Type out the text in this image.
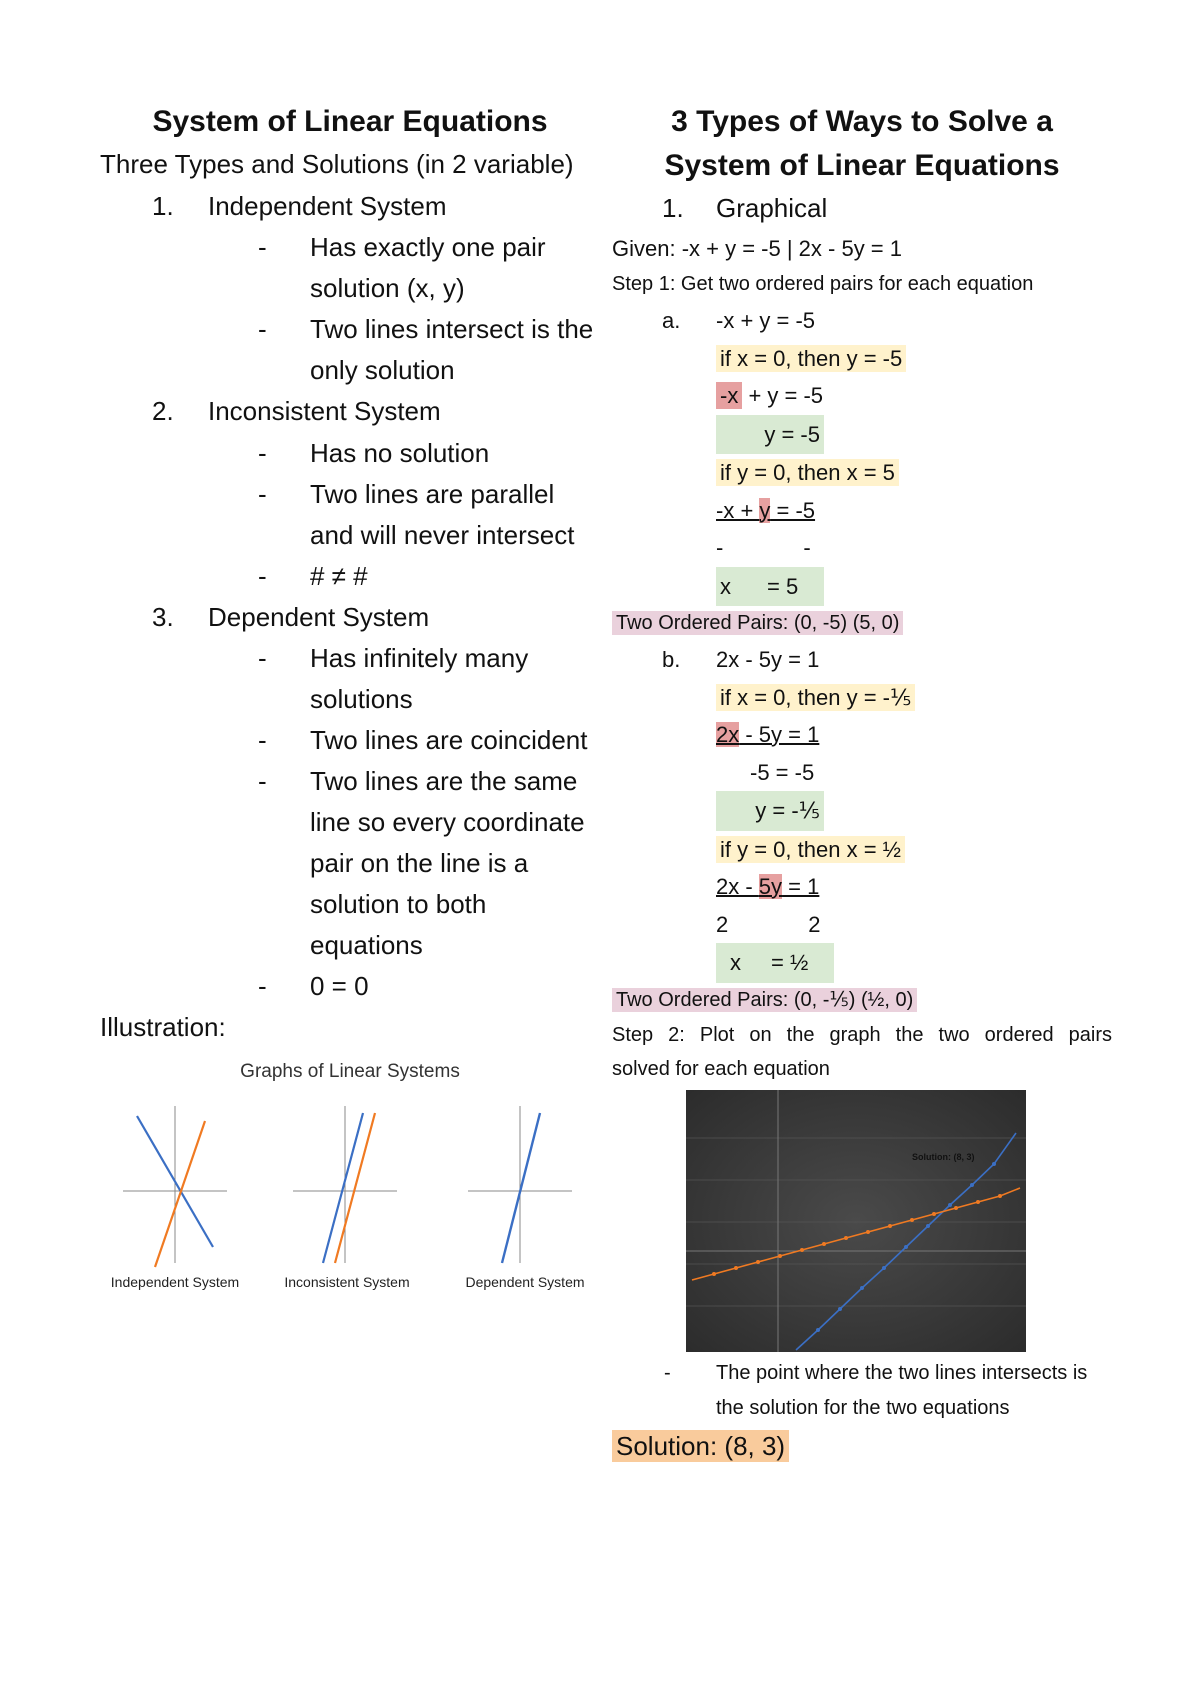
System of Linear Equations
Three Types and Solutions (in 2 variable)
1. Independent System
- Has exactly one pair solution (x, y)
- Two lines intersect is the only solution
2. Inconsistent System
- Has no solution
- Two lines are parallel and will never intersect
- # ≠ #
3. Dependent System
- Has infinitely many solutions
- Two lines are coincident
- Two lines are the same line so every coordinate pair on the line is a solution to both equations
- 0 = 0
Illustration:
Graphs of Linear Systems
Independent System	Inconsistent System	Dependent System
3 Types of Ways to Solve a
System of Linear Equations
1. Graphical
Given: -x + y = -5 | 2x - 5y = 1
Step 1: Get two ordered pairs for each equation
a. -x + y = -5
if x = 0, then y = -5
-x + y = -5
y = -5
if y = 0, then x = 5
-x + y = -5
-	-
x = 5
Two Ordered Pairs: (0, -5) (5, 0)
b. 2x - 5y = 1
if x = 0, then y = -⅕
2x - 5y = 1
-5 = -5
y = -⅕
if y = 0, then x = ½
2x - 5y = 1
2	2
x = ½
Two Ordered Pairs: (0, -⅕) (½, 0)
Step 2: Plot on the graph the two ordered pairs
solved for each equation
Solution: (8, 3)
- The point where the two lines intersects is the solution for the two equations
Solution: (8, 3)
